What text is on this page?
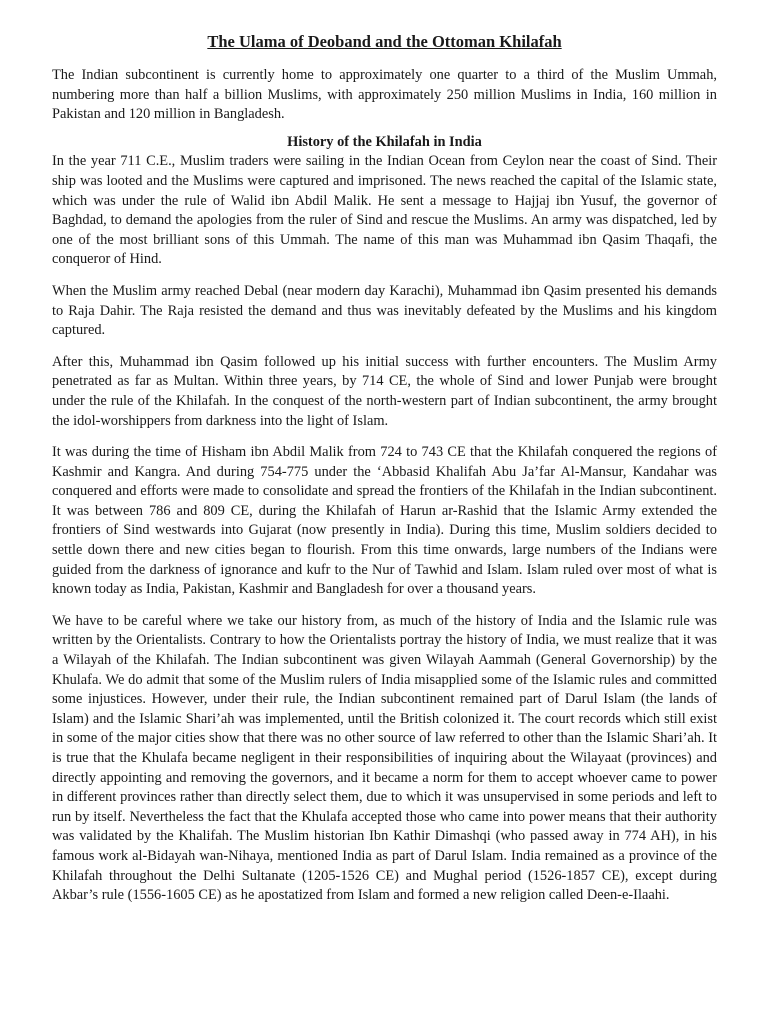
The Ulama of Deoband and the Ottoman Khilafah

The Indian subcontinent is currently home to approximately one quarter to a third of the Muslim Ummah, numbering more than half a billion Muslims, with approximately 250 million Muslims in India, 160 million in Pakistan and 120 million in Bangladesh.

History of the Khilafah in India

In the year 711 C.E., Muslim traders were sailing in the Indian Ocean from Ceylon near the coast of Sind. Their ship was looted and the Muslims were captured and imprisoned. The news reached the capital of the Islamic state, which was under the rule of Walid ibn Abdil Malik. He sent a message to Hajjaj ibn Yusuf, the governor of Baghdad, to demand the apologies from the ruler of Sind and rescue the Muslims. An army was dispatched, led by one of the most brilliant sons of this Ummah. The name of this man was Muhammad ibn Qasim Thaqafi, the conqueror of Hind.

When the Muslim army reached Debal (near modern day Karachi), Muhammad ibn Qasim presented his demands to Raja Dahir. The Raja resisted the demand and thus was inevitably defeated by the Muslims and his kingdom captured.

After this, Muhammad ibn Qasim followed up his initial success with further encounters. The Muslim Army penetrated as far as Multan. Within three years, by 714 CE, the whole of Sind and lower Punjab were brought under the rule of the Khilafah. In the conquest of the north-western part of Indian subcontinent, the army brought the idol-worshippers from darkness into the light of Islam.

It was during the time of Hisham ibn Abdil Malik from 724 to 743 CE that the Khilafah conquered the regions of Kashmir and Kangra. And during 754-775 under the ‘Abbasid Khalifah Abu Ja’far Al-Mansur, Kandahar was conquered and efforts were made to consolidate and spread the frontiers of the Khilafah in the Indian subcontinent. It was between 786 and 809 CE, during the Khilafah of Harun ar-Rashid that the Islamic Army extended the frontiers of Sind westwards into Gujarat (now presently in India). During this time, Muslim soldiers decided to settle down there and new cities began to flourish. From this time onwards, large numbers of the Indians were guided from the darkness of ignorance and kufr to the Nur of Tawhid and Islam. Islam ruled over most of what is known today as India, Pakistan, Kashmir and Bangladesh for over a thousand years.

We have to be careful where we take our history from, as much of the history of India and the Islamic rule was written by the Orientalists. Contrary to how the Orientalists portray the history of India, we must realize that it was a Wilayah of the Khilafah. The Indian subcontinent was given Wilayah Aammah (General Governorship) by the Khulafa. We do admit that some of the Muslim rulers of India misapplied some of the Islamic rules and committed some injustices. However, under their rule, the Indian subcontinent remained part of Darul Islam (the lands of Islam) and the Islamic Shari’ah was implemented, until the British colonized it. The court records which still exist in some of the major cities show that there was no other source of law referred to other than the Islamic Shari’ah. It is true that the Khulafa became negligent in their responsibilities of inquiring about the Wilayaat (provinces) and directly appointing and removing the governors, and it became a norm for them to accept whoever came to power in different provinces rather than directly select them, due to which it was unsupervised in some periods and left to run by itself. Nevertheless the fact that the Khulafa accepted those who came into power means that their authority was validated by the Khalifah. The Muslim historian Ibn Kathir Dimashqi (who passed away in 774 AH), in his famous work al-Bidayah wan-Nihaya, mentioned India as part of Darul Islam. India remained as a province of the Khilafah throughout the Delhi Sultanate (1205-1526 CE) and Mughal period (1526-1857 CE), except during Akbar’s rule (1556-1605 CE) as he apostatized from Islam and formed a new religion called Deen-e-Ilaahi.
